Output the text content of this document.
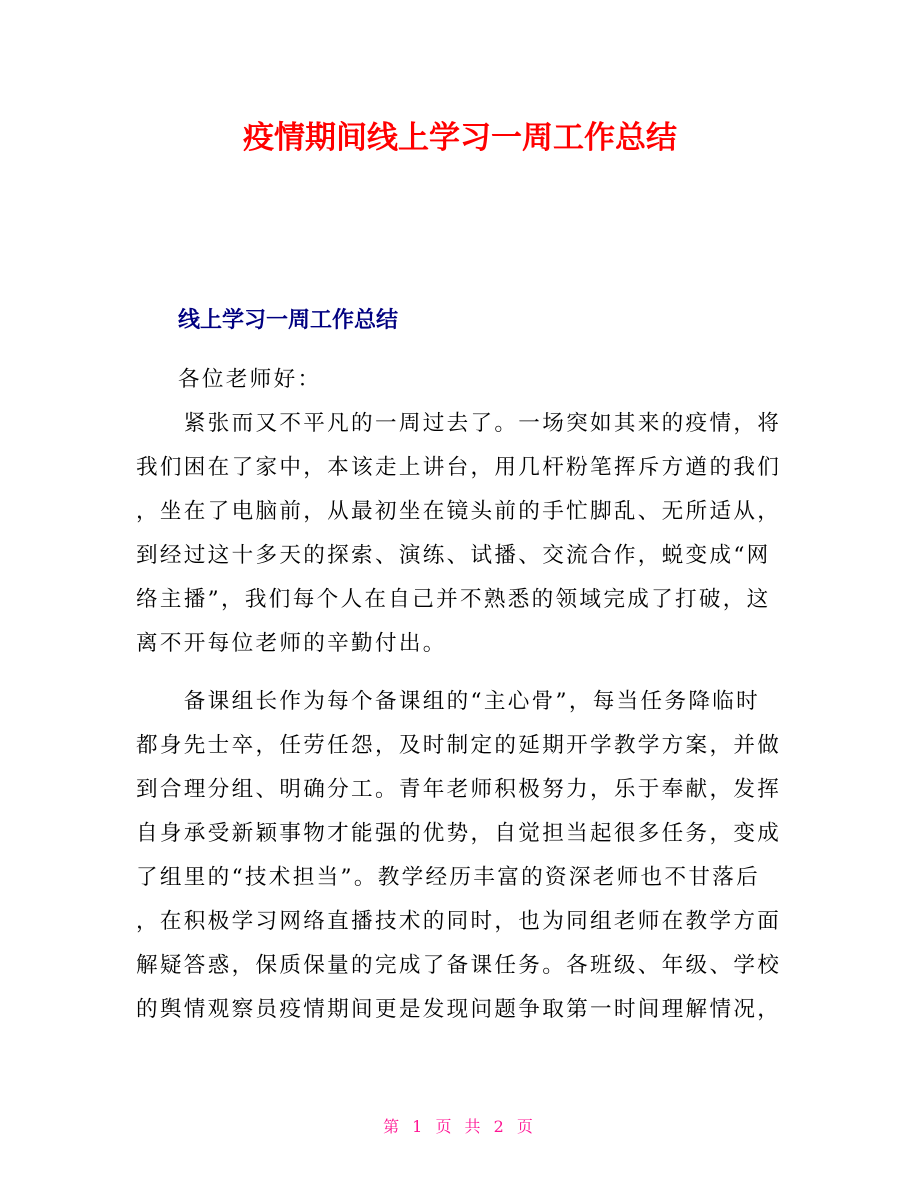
疫情期间线上学习一周工作总结
线上学习一周工作总结
各位老师好：
　　紧张而又不平凡的一周过去了。一场突如其来的疫情，将
我们困在了家中，本该走上讲台，用几杆粉笔挥斥方遒的我们
，坐在了电脑前，从最初坐在镜头前的手忙脚乱、无所适从，
到经过这十多天的探索、演练、试播、交流合作，蜕变成“网
络主播”，我们每个人在自己并不熟悉的领域完成了打破，这
离不开每位老师的辛勤付出。
　　备课组长作为每个备课组的“主心骨”，每当任务降临时
都身先士卒，任劳任怨，及时制定的延期开学教学方案，并做
到合理分组、明确分工。青年老师积极努力，乐于奉献，发挥
自身承受新颖事物才能强的优势，自觉担当起很多任务，变成
了组里的“技术担当”。教学经历丰富的资深老师也不甘落后
，在积极学习网络直播技术的同时，也为同组老师在教学方面
解疑答惑，保质保量的完成了备课任务。各班级、年级、学校
的舆情观察员疫情期间更是发现问题争取第一时间理解情况，
第 1 页 共 2 页
